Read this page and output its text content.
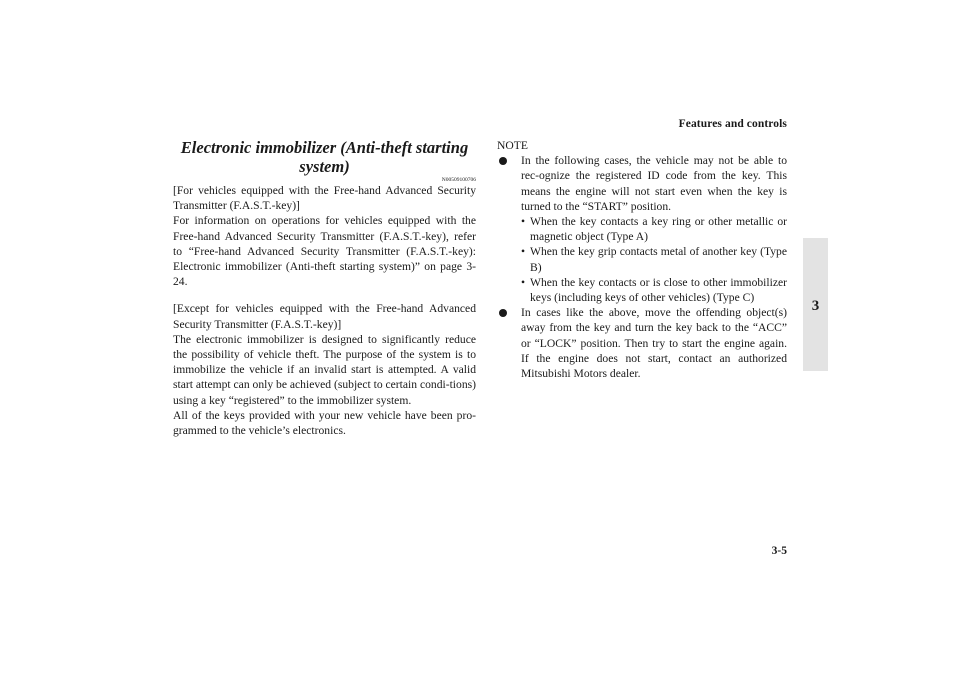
Features and controls
3
Electronic immobilizer (Anti-theft starting system)
N00509100706

[For vehicles equipped with the Free-hand Advanced Security Transmitter (F.A.S.T.-key)]

For information on operations for vehicles equipped with the Free-hand Advanced Security Transmitter (F.A.S.T.-key), refer to “Free-hand Advanced Security Transmitter (F.A.S.T.-key): Electronic immobilizer (Anti-theft starting system)” on page 3-24.

[Except for vehicles equipped with the Free-hand Advanced Security Transmitter (F.A.S.T.-key)]

The electronic immobilizer is designed to significantly reduce the possibility of vehicle theft. The purpose of the system is to immobilize the vehicle if an invalid start is attempted. A valid start attempt can only be achieved (subject to certain condi-tions) using a key “registered” to the immobilizer system.

All of the keys provided with your new vehicle have been pro-grammed to the vehicle’s electronics.

NOTE

In the following cases, the vehicle may not be able to rec-ognize the registered ID code from the key. This means the engine will not start even when the key is turned to the “START” position.
• When the key contacts a key ring or other metallic or magnetic object (Type A)
• When the key grip contacts metal of another key (Type B)
• When the key contacts or is close to other immobilizer keys (including keys of other vehicles) (Type C)
In cases like the above, move the offending object(s) away from the key and turn the key back to the “ACC” or “LOCK” position. Then try to start the engine again. If the engine does not start, contact an authorized Mitsubishi Motors dealer.
3-5
